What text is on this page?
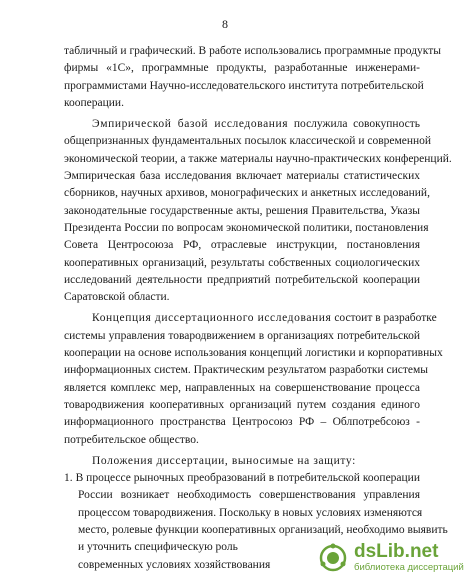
8
табличный и графический. В работе использовались программные продукты
фирмы «1С», программные продукты, разработанные инженерами-
программистами Научно-исследовательского института потребительской
кооперации.
Эмпирической базой исследования послужила совокупность
общепризнанных фундаментальных посылок классической и современной
экономической теории, а также материалы научно-практических конференций.
Эмпирическая база исследования включает материалы статистических
сборников, научных архивов, монографических и анкетных исследований,
законодательные государственные акты, решения Правительства, Указы
Президента России по вопросам экономической политики, постановления
Совета Центросоюза РФ, отраслевые инструкции, постановления
кооперативных организаций, результаты собственных социологических
исследований деятельности предприятий потребительской кооперации
Саратовской области.
Концепция диссертационного исследования состоит в разработке
системы управления товародвижением в организациях потребительской
кооперации на основе использования концепций логистики и корпоративных
информационных систем. Практическим результатом разработки системы
является комплекс мер, направленных на совершенствование процесса
товародвижения кооперативных организаций путем создания единого
информационного пространства Центросоюз РФ – Облпотребсоюз -
потребительское общество.
Положения диссертации, выносимые на защиту:
1. В процессе рыночных преобразований в потребительской кооперации
России возникает необходимость совершенствования управления
процессом товародвижения. Поскольку в новых условиях изменяются
место, ролевые функции кооперативных организаций, необходимо выявить
и уточнить специфическую роль
современных условиях хозяйствования
dsLib.net
библиотека диссертаций
